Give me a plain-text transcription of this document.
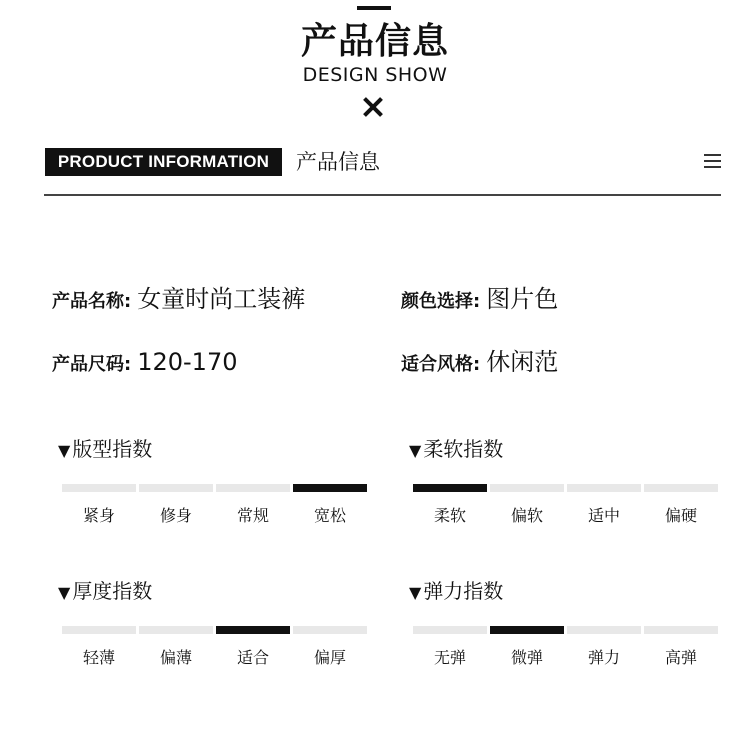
产品信息
DESIGN SHOW
PRODUCT INFORMATION	产品信息
产品名称: 女童时尚工装裤	颜色选择: 图片色
产品尺码: 120-170	适合风格: 休闲范
▼ 版型指数
紧身	修身	常规	宽松
▼ 柔软指数
柔软	偏软	适中	偏硬
▼ 厚度指数
轻薄	偏薄	适合	偏厚
▼ 弹力指数
无弹	微弹	弹力	高弹
